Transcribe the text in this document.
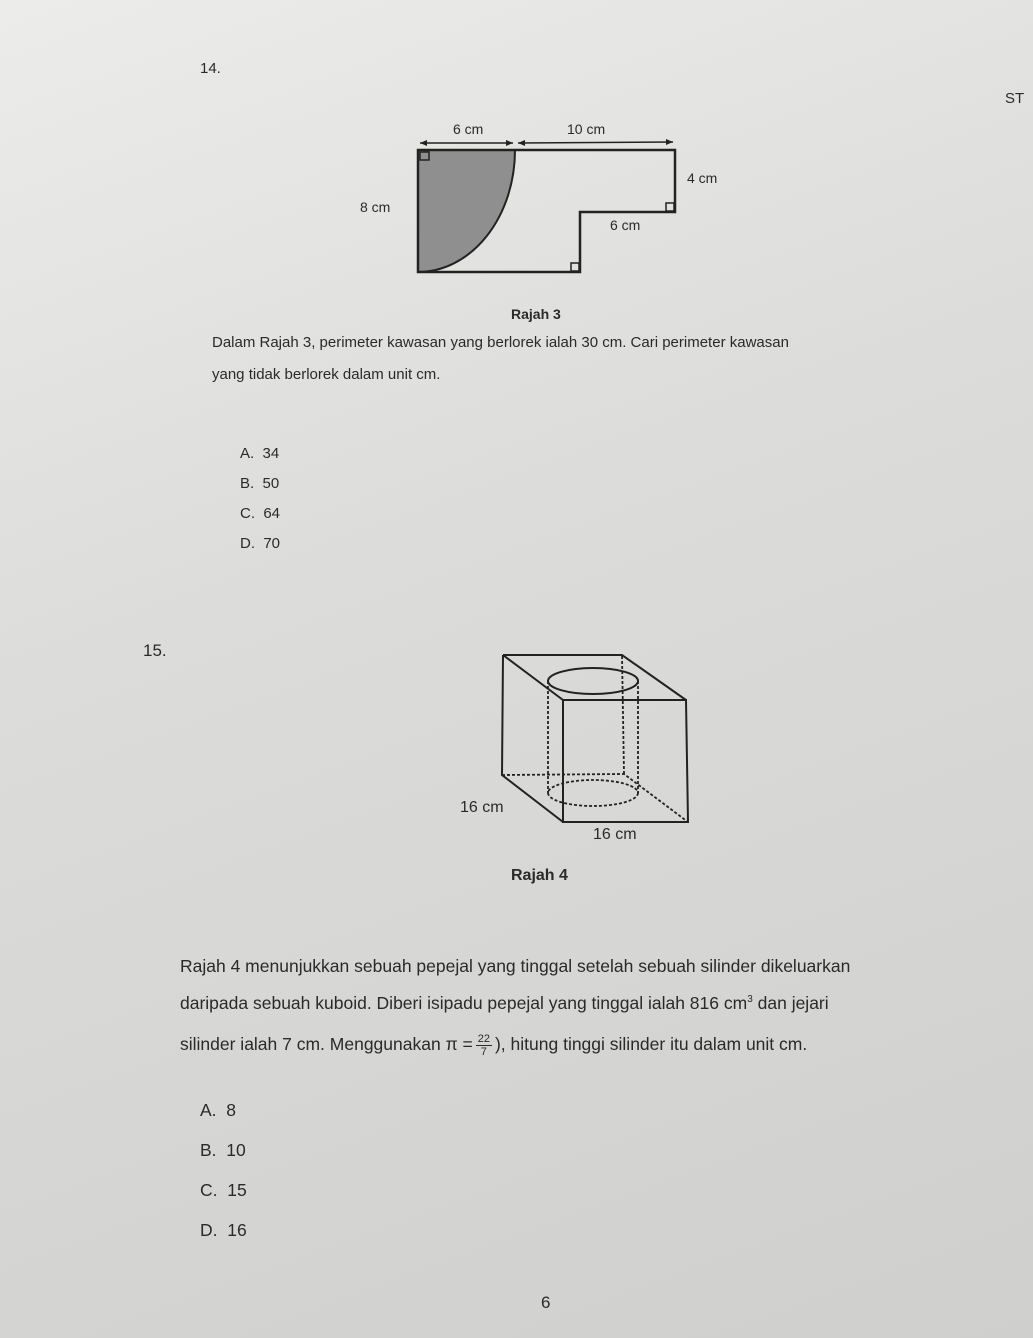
ST
14.
6 cm	10 cm
8 cm
4 cm
6 cm
Rajah 3
Dalam Rajah 3, perimeter kawasan yang berlorek ialah 30 cm. Cari perimeter kawasan
yang tidak berlorek dalam unit cm.
A. 34
B. 50
C. 64
D. 70
15.
16 cm
16 cm
Rajah 4
Rajah 4 menunjukkan sebuah pepejal yang tinggal setelah sebuah silinder dikeluarkan
daripada sebuah kuboid. Diberi isipadu pepejal yang tinggal ialah 816 $cm^3$ dan jejari
silinder ialah 7 cm. Menggunakan $\pi = \frac{22}{7}$ ), hitung tinggi silinder itu dalam unit cm.
A. 8
B. 10
C. 15
D. 16
6
